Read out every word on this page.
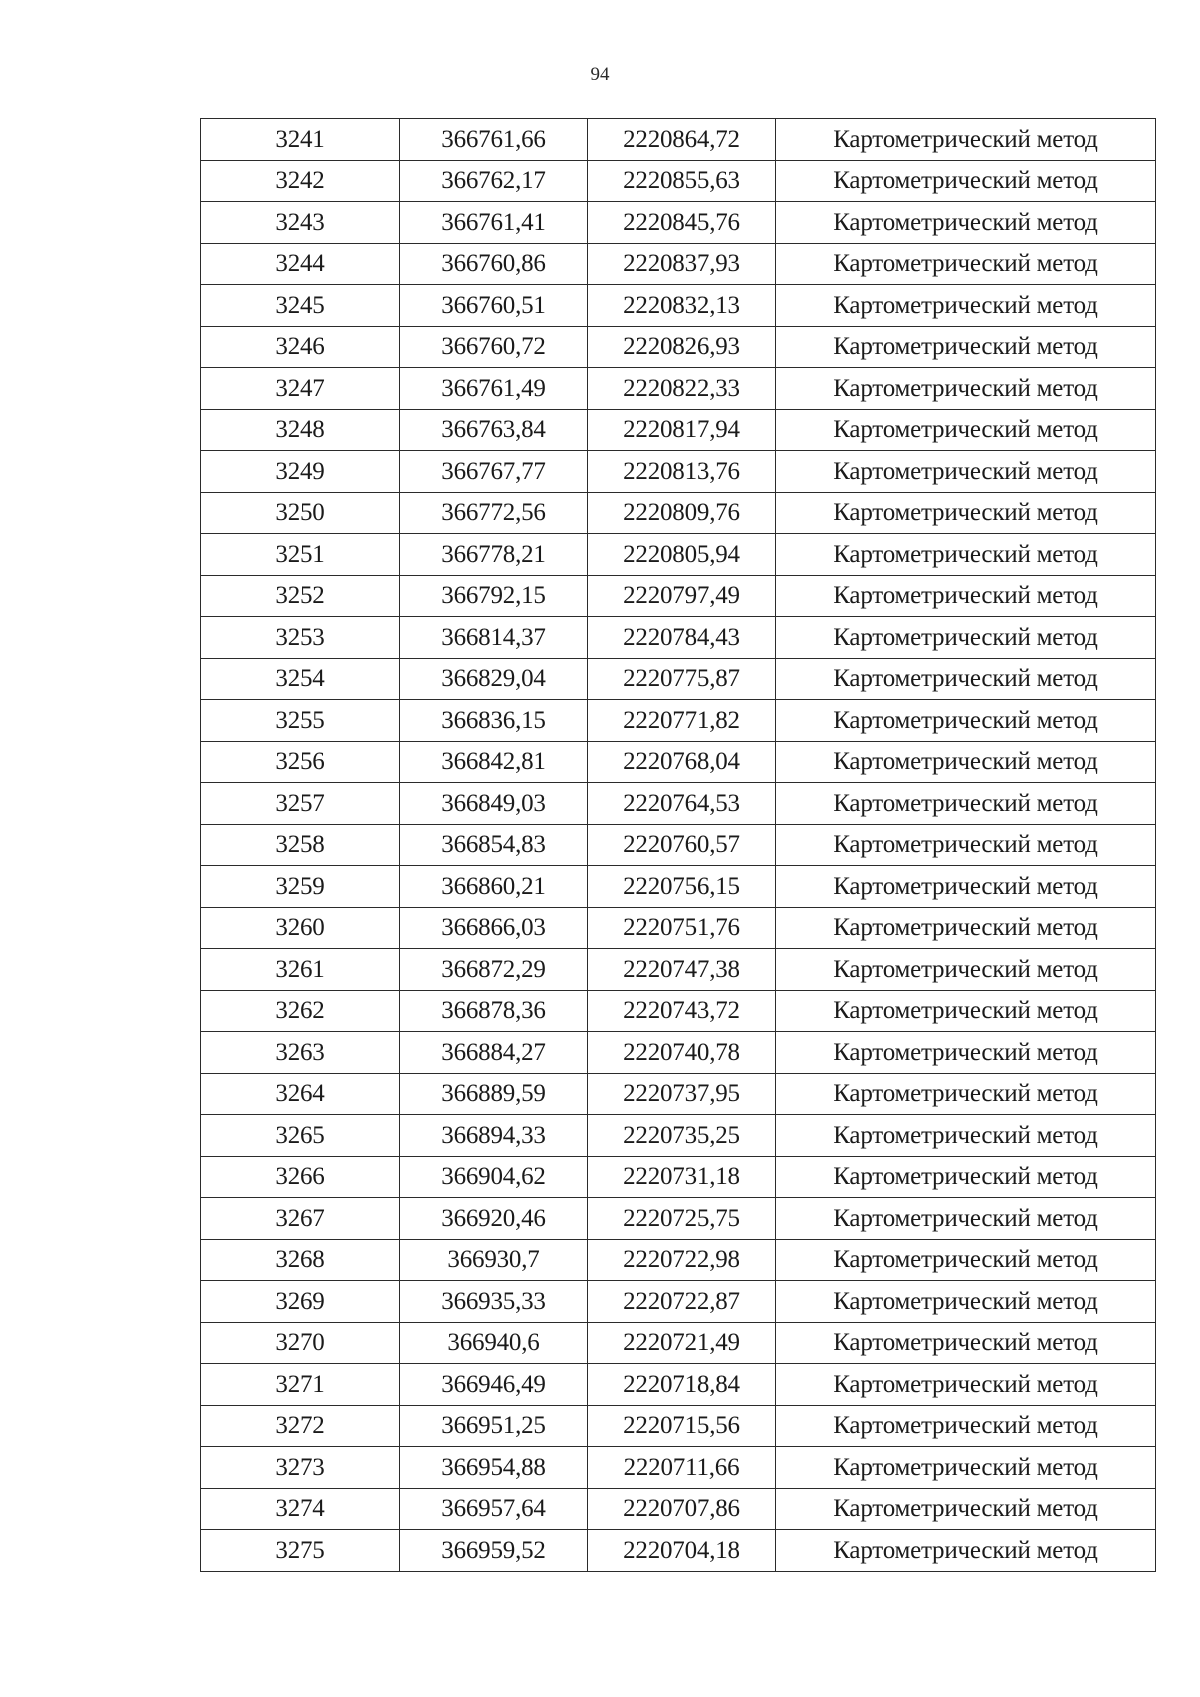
94
3241	366761,66	2220864,72	Картометрический метод
3242	366762,17	2220855,63	Картометрический метод
3243	366761,41	2220845,76	Картометрический метод
3244	366760,86	2220837,93	Картометрический метод
3245	366760,51	2220832,13	Картометрический метод
3246	366760,72	2220826,93	Картометрический метод
3247	366761,49	2220822,33	Картометрический метод
3248	366763,84	2220817,94	Картометрический метод
3249	366767,77	2220813,76	Картометрический метод
3250	366772,56	2220809,76	Картометрический метод
3251	366778,21	2220805,94	Картометрический метод
3252	366792,15	2220797,49	Картометрический метод
3253	366814,37	2220784,43	Картометрический метод
3254	366829,04	2220775,87	Картометрический метод
3255	366836,15	2220771,82	Картометрический метод
3256	366842,81	2220768,04	Картометрический метод
3257	366849,03	2220764,53	Картометрический метод
3258	366854,83	2220760,57	Картометрический метод
3259	366860,21	2220756,15	Картометрический метод
3260	366866,03	2220751,76	Картометрический метод
3261	366872,29	2220747,38	Картометрический метод
3262	366878,36	2220743,72	Картометрический метод
3263	366884,27	2220740,78	Картометрический метод
3264	366889,59	2220737,95	Картометрический метод
3265	366894,33	2220735,25	Картометрический метод
3266	366904,62	2220731,18	Картометрический метод
3267	366920,46	2220725,75	Картометрический метод
3268	366930,7	2220722,98	Картометрический метод
3269	366935,33	2220722,87	Картометрический метод
3270	366940,6	2220721,49	Картометрический метод
3271	366946,49	2220718,84	Картометрический метод
3272	366951,25	2220715,56	Картометрический метод
3273	366954,88	2220711,66	Картометрический метод
3274	366957,64	2220707,86	Картометрический метод
3275	366959,52	2220704,18	Картометрический метод
